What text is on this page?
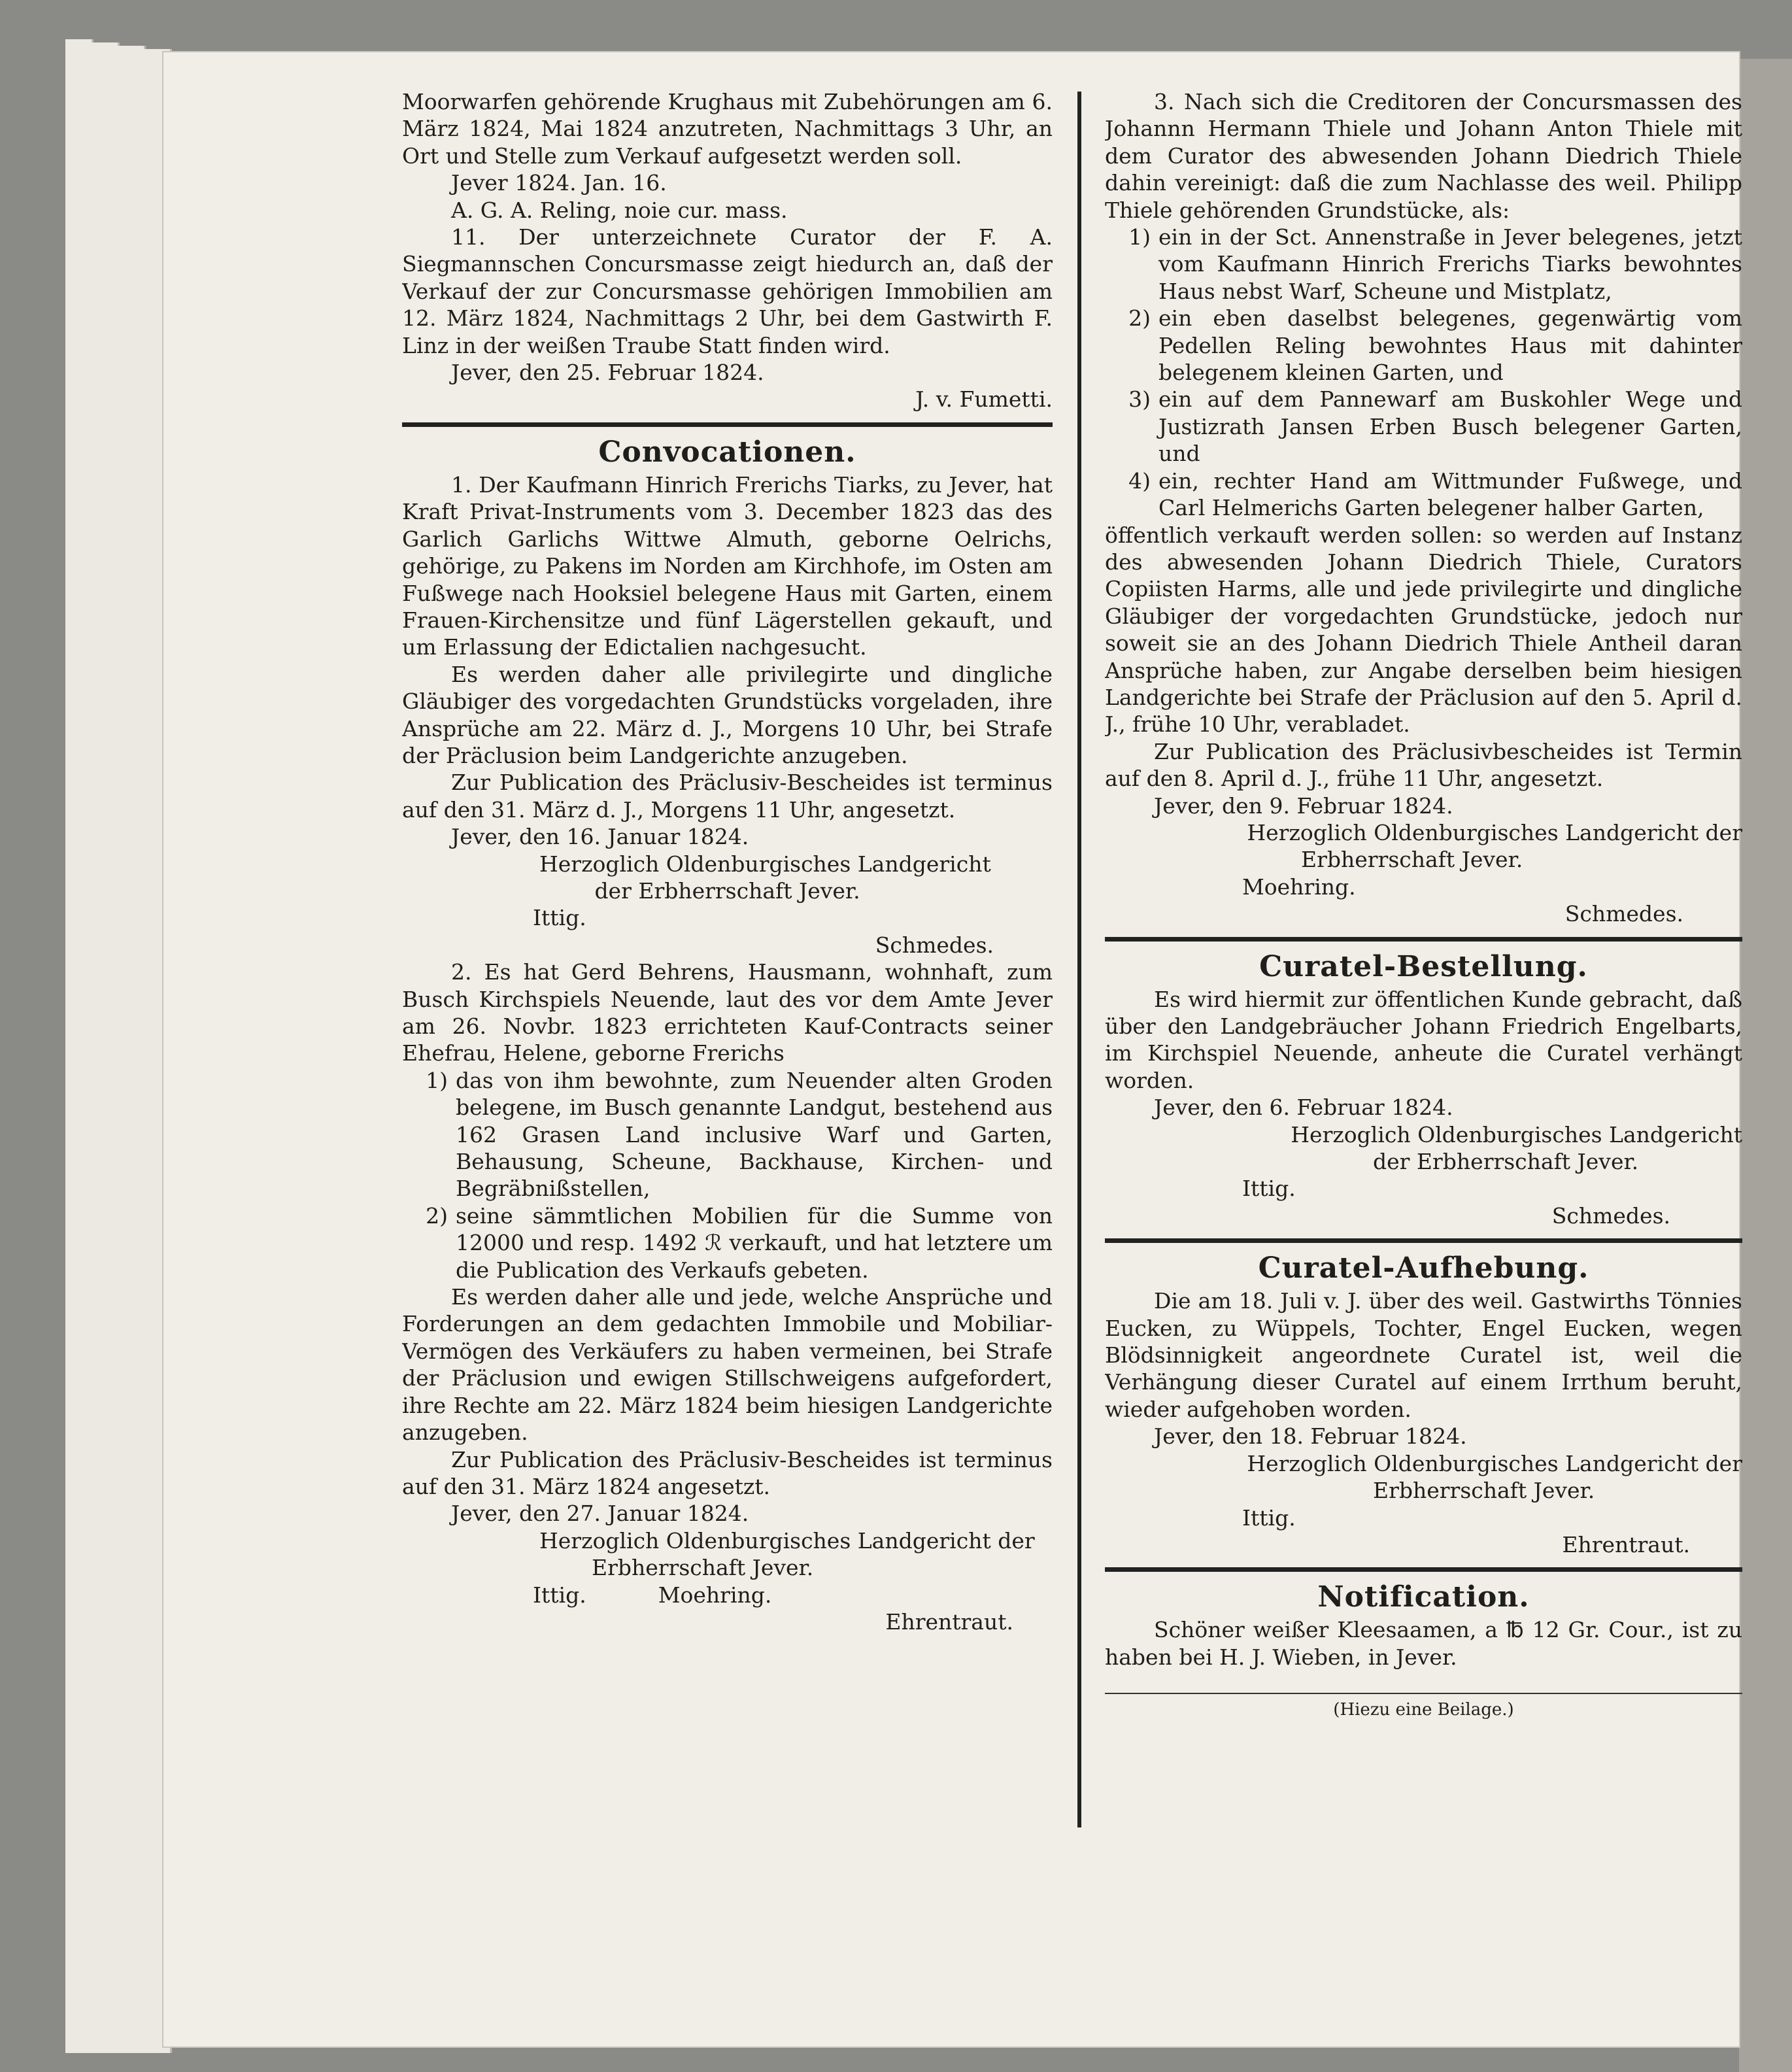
Moorwarfen gehörende Krughaus mit Zubehörungen am 6. März 1824, Mai 1824 anzutreten, Nachmittags 3 Uhr, an Ort und Stelle zum Verkauf aufgesetzt werden soll.

Jever 1824. Jan. 16.

A. G. A. Reling, noie cur. mass.

11. Der unterzeichnete Curator der F. A. Siegmannschen Concursmasse zeigt hiedurch an, daß der Verkauf der zur Concursmasse gehörigen Immobilien am 12. März 1824, Nachmittags 2 Uhr, bei dem Gastwirth F. Linz in der weißen Traube Statt finden wird.

Jever, den 25. Februar 1824.

J. v. Fumetti.

Convocationen.

1. Der Kaufmann Hinrich Frerichs Tiarks, zu Jever, hat Kraft Privat-Instruments vom 3. December 1823 das des Garlich Garlichs Wittwe Almuth, geborne Oelrichs, gehörige, zu Pakens im Norden am Kirchhofe, im Osten am Fußwege nach Hooksiel belegene Haus mit Garten, einem Frauen-Kirchensitze und fünf Lägerstellen gekauft, und um Erlassung der Edictalien nachgesucht.

Es werden daher alle privilegirte und dingliche Gläubiger des vorgedachten Grundstücks vorgeladen, ihre Ansprüche am 22. März d. J., Morgens 10 Uhr, bei Strafe der Präclusion beim Landgerichte anzugeben.

Zur Publication des Präclusiv-Bescheides ist terminus auf den 31. März d. J., Morgens 11 Uhr, angesetzt.

Jever, den 16. Januar 1824.

Herzoglich Oldenburgisches Landgericht

der Erbherrschaft Jever.

Ittig.

Schmedes.

2. Es hat Gerd Behrens, Hausmann, wohnhaft, zum Busch Kirchspiels Neuende, laut des vor dem Amte Jever am 26. Novbr. 1823 errichteten Kauf-Contracts seiner Ehefrau, Helene, geborne Frerichs

1) das von ihm bewohnte, zum Neuender alten Groden belegene, im Busch genannte Landgut, bestehend aus 162 Grasen Land inclusive Warf und Garten, Behausung, Scheune, Backhause, Kirchen- und Begräbnißstellen,
2) seine sämmtlichen Mobilien für die Summe von 12000 und resp. 1492 ℛ verkauft, und hat letztere um die Publication des Verkaufs gebeten.

Es werden daher alle und jede, welche Ansprüche und Forderungen an dem gedachten Immobile und Mobiliar-Vermögen des Verkäufers zu haben vermeinen, bei Strafe der Präclusion und ewigen Stillschweigens aufgefordert, ihre Rechte am 22. März 1824 beim hiesigen Landgerichte anzugeben.

Zur Publication des Präclusiv-Bescheides ist terminus auf den 31. März 1824 angesetzt.

Jever, den 27. Januar 1824.

Herzoglich Oldenburgisches Landgericht der

Erbherrschaft Jever.

Ittig.	Moehring.

Ehrentraut.

3. Nach sich die Creditoren der Concursmassen des Johannn Hermann Thiele und Johann Anton Thiele mit dem Curator des abwesenden Johann Diedrich Thiele dahin vereinigt: daß die zum Nachlasse des weil. Philipp Thiele gehörenden Grundstücke, als:

1) ein in der Sct. Annenstraße in Jever belegenes, jetzt vom Kaufmann Hinrich Frerichs Tiarks bewohntes Haus nebst Warf, Scheune und Mistplatz,
2) ein eben daselbst belegenes, gegenwärtig vom Pedellen Reling bewohntes Haus mit dahinter belegenem kleinen Garten, und
3) ein auf dem Pannewarf am Buskohler Wege und Justizrath Jansen Erben Busch belegener Garten, und
4) ein, rechter Hand am Wittmunder Fußwege, und Carl Helmerichs Garten belegener halber Garten,

öffentlich verkauft werden sollen: so werden auf Instanz des abwesenden Johann Diedrich Thiele, Curators Copiisten Harms, alle und jede privilegirte und dingliche Gläubiger der vorgedachten Grundstücke, jedoch nur soweit sie an des Johann Diedrich Thiele Antheil daran Ansprüche haben, zur Angabe derselben beim hiesigen Landgerichte bei Strafe der Präclusion auf den 5. April d. J., frühe 10 Uhr, verabladet.

Zur Publication des Präclusivbescheides ist Termin auf den 8. April d. J., frühe 11 Uhr, angesetzt.

Jever, den 9. Februar 1824.

Herzoglich Oldenburgisches Landgericht der

Erbherrschaft Jever.

Moehring.

Schmedes.

Curatel-Bestellung.

Es wird hiermit zur öffentlichen Kunde gebracht, daß über den Landgebräucher Johann Friedrich Engelbarts, im Kirchspiel Neuende, anheute die Curatel verhängt worden.

Jever, den 6. Februar 1824.

Herzoglich Oldenburgisches Landgericht

der Erbherrschaft Jever.

Ittig.

Schmedes.

Curatel-Aufhebung.

Die am 18. Juli v. J. über des weil. Gastwirths Tönnies Eucken, zu Wüppels, Tochter, Engel Eucken, wegen Blödsinnigkeit angeordnete Curatel ist, weil die Verhängung dieser Curatel auf einem Irrthum beruht, wieder aufgehoben worden.

Jever, den 18. Februar 1824.

Herzoglich Oldenburgisches Landgericht der

Erbherrschaft Jever.

Ittig.

Ehrentraut.

Notification.

Schöner weißer Kleesaamen, a ℔ 12 Gr. Cour., ist zu haben bei H. J. Wieben, in Jever.

(Hiezu eine Beilage.)
